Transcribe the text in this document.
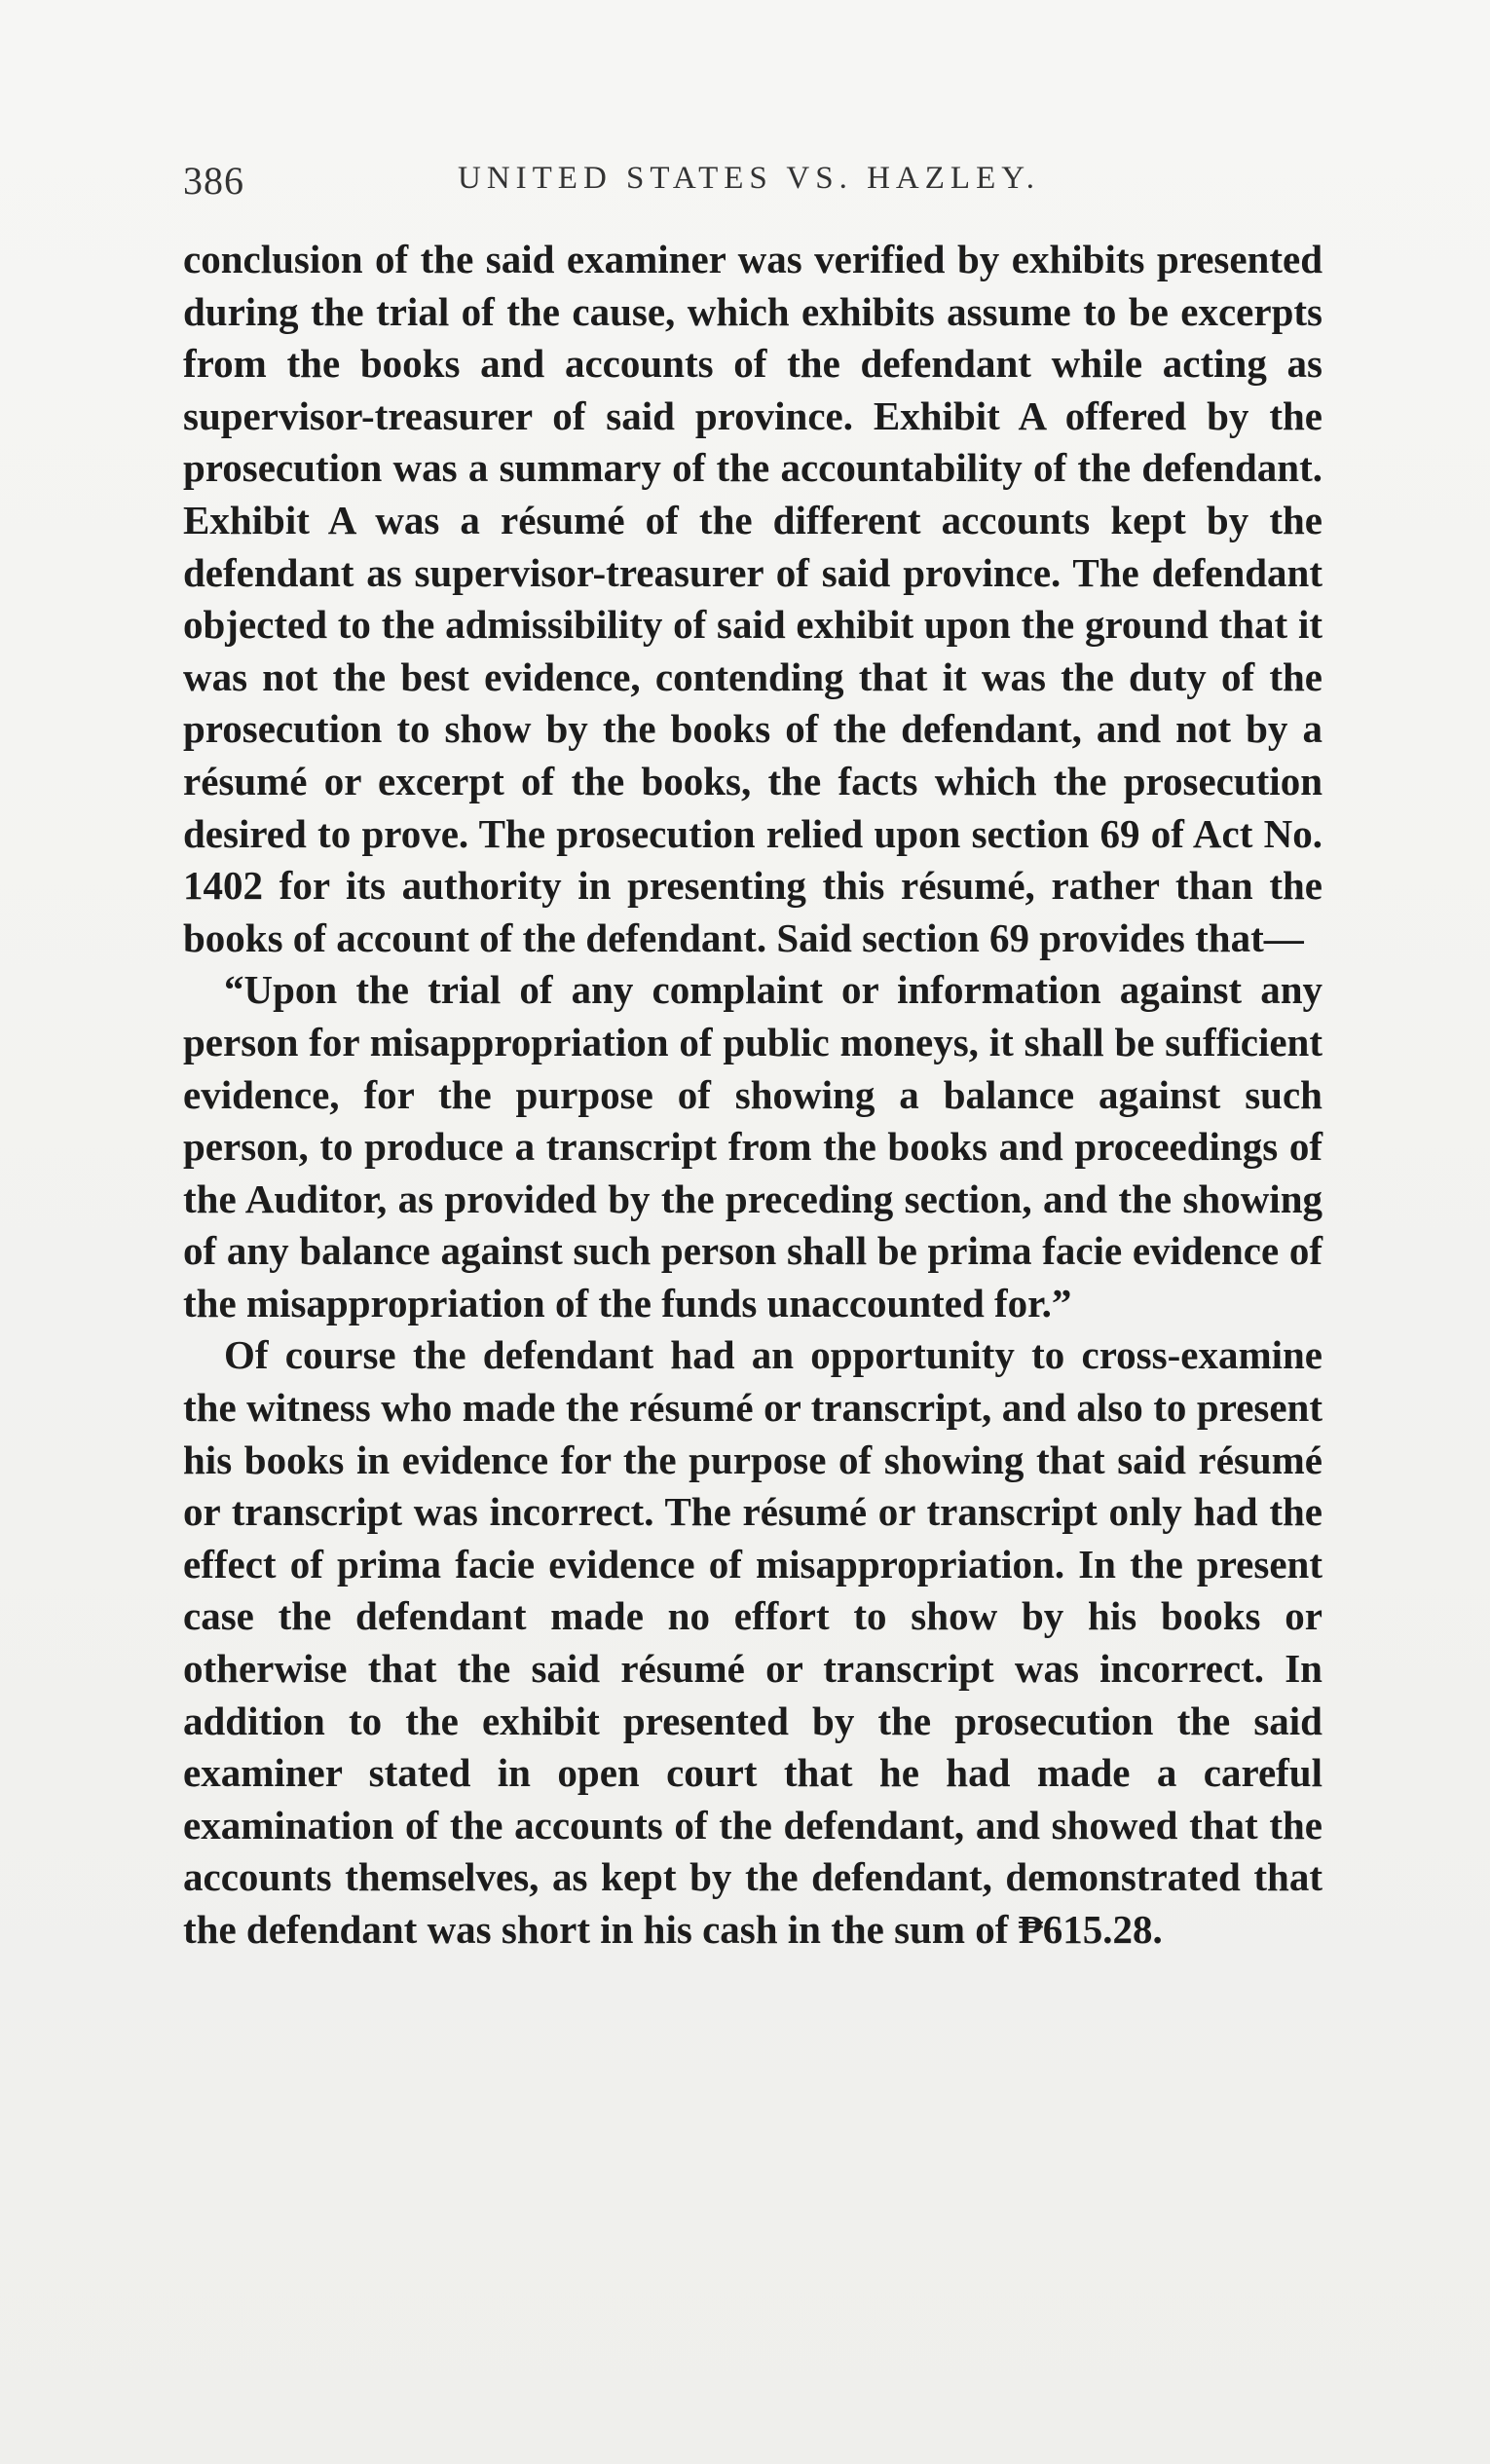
386	UNITED STATES VS. HAZLEY.

conclusion of the said examiner was verified by exhibits presented during the trial of the cause, which exhibits assume to be excerpts from the books and accounts of the defendant while acting as supervisor-treasurer of said province. Exhibit A offered by the prosecution was a summary of the accountability of the defendant. Exhibit A was a résumé of the different accounts kept by the defendant as supervisor-treasurer of said province. The defendant objected to the admissibility of said exhibit upon the ground that it was not the best evidence, contending that it was the duty of the prosecution to show by the books of the defendant, and not by a résumé or excerpt of the books, the facts which the prosecution desired to prove. The prosecution relied upon section 69 of Act No. 1402 for its authority in presenting this résumé, rather than the books of account of the defendant. Said section 69 provides that—

“Upon the trial of any complaint or information against any person for misappropriation of public moneys, it shall be sufficient evidence, for the purpose of showing a balance against such person, to produce a transcript from the books and proceedings of the Auditor, as provided by the preceding section, and the showing of any balance against such person shall be prima facie evidence of the misappropriation of the funds unaccounted for.”

Of course the defendant had an opportunity to cross-examine the witness who made the résumé or transcript, and also to present his books in evidence for the purpose of showing that said résumé or transcript was incorrect. The résumé or transcript only had the effect of prima facie evidence of misappropriation. In the present case the defendant made no effort to show by his books or otherwise that the said résumé or transcript was incorrect. In addition to the exhibit presented by the prosecution the said examiner stated in open court that he had made a careful examination of the accounts of the defendant, and showed that the accounts themselves, as kept by the defendant, demonstrated that the defendant was short in his cash in the sum of ₱615.28.
